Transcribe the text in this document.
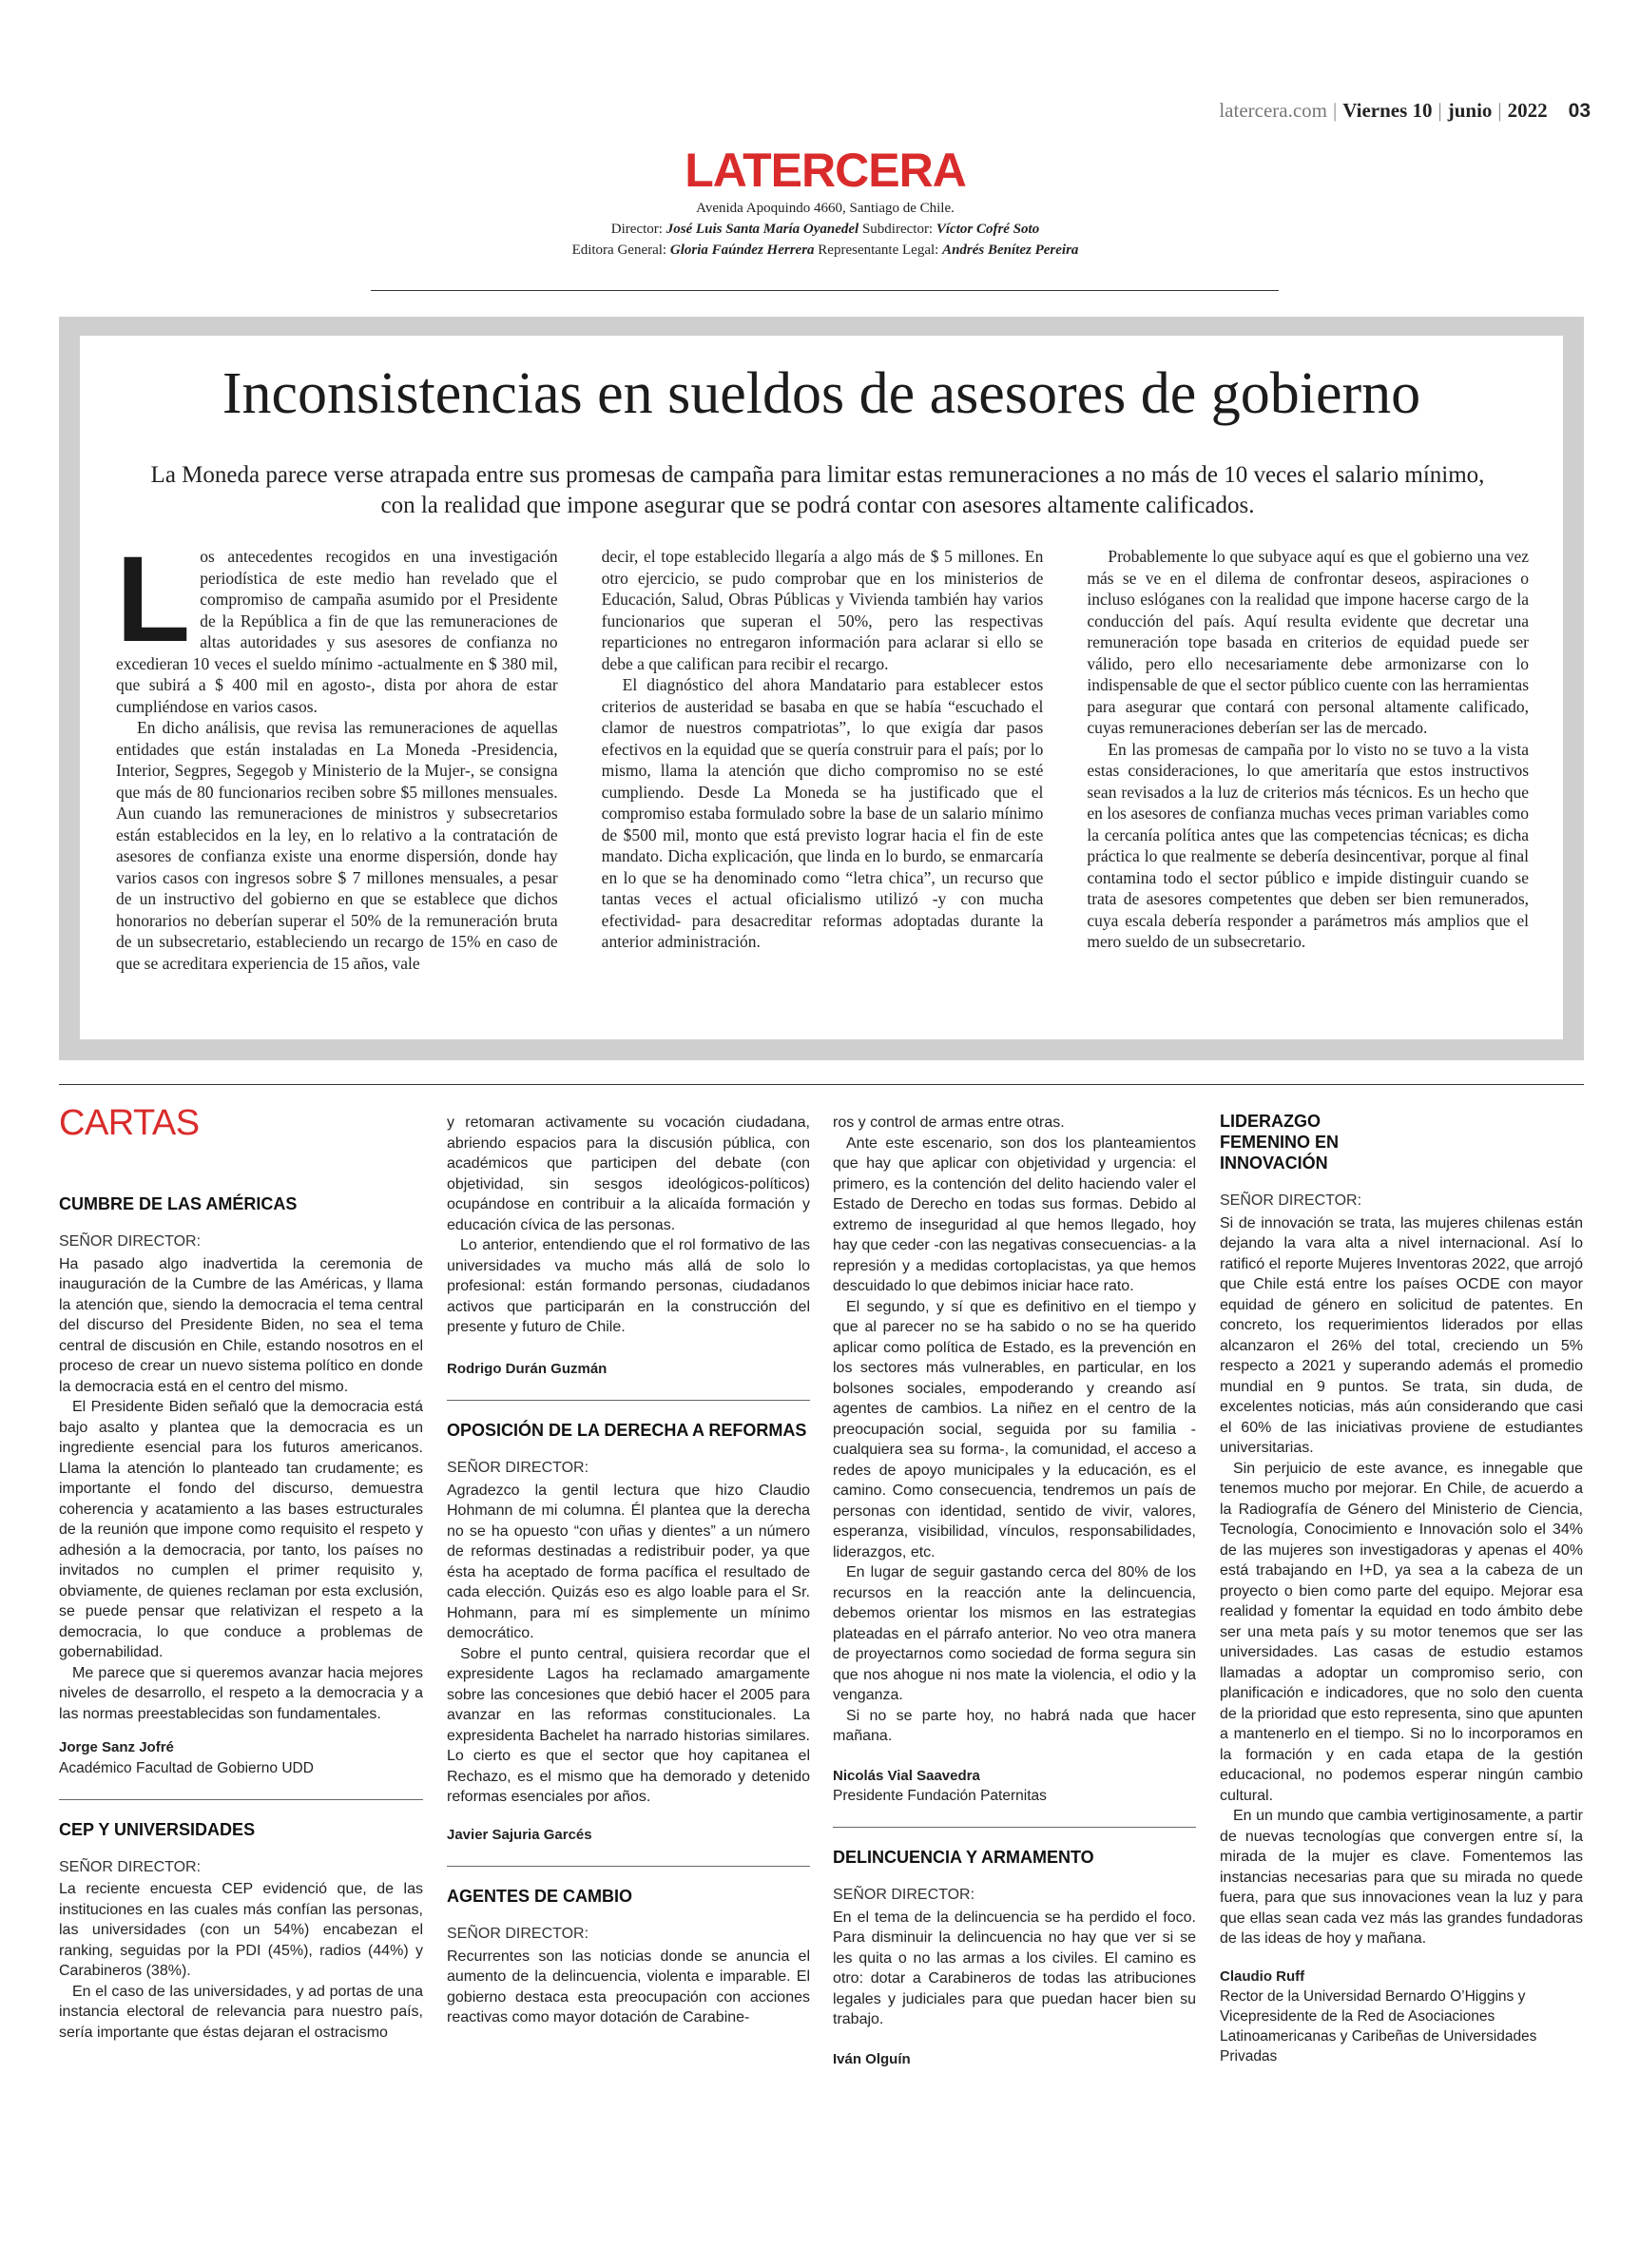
latercera.com | Viernes 10 | junio | 2022 03
LATERCERA
Avenida Apoquindo 4660, Santiago de Chile.
Director: José Luis Santa María Oyanedel Subdirector: Víctor Cofré Soto
Editora General: Gloria Faúndez Herrera Representante Legal: Andrés Benítez Pereira
Inconsistencias en sueldos de asesores de gobierno
La Moneda parece verse atrapada entre sus promesas de campaña para limitar estas remuneraciones a no más de 10 veces el salario mínimo, con la realidad que impone asegurar que se podrá contar con asesores altamente calificados.

Los antecedentes recogidos en una investigación periodística de este medio han revelado que el compromiso de campaña asumido por el Presidente de la República a fin de que las remuneraciones de altas autoridades y sus asesores de confianza no excedieran 10 veces el sueldo mínimo -actualmente en $ 380 mil, que subirá a $ 400 mil en agosto-, dista por ahora de estar cumpliéndose en varios casos.

En dicho análisis, que revisa las remuneraciones de aquellas entidades que están instaladas en La Moneda -Presidencia, Interior, Segpres, Segegob y Ministerio de la Mujer-, se consigna que más de 80 funcionarios reciben sobre $5 millones mensuales. Aun cuando las remuneraciones de ministros y subsecretarios están establecidos en la ley, en lo relativo a la contratación de asesores de confianza existe una enorme dispersión, donde hay varios casos con ingresos sobre $ 7 millones mensuales, a pesar de un instructivo del gobierno en que se establece que dichos honorarios no deberían superar el 50% de la remuneración bruta de un subsecretario, estableciendo un recargo de 15% en caso de que se acreditara experiencia de 15 años, vale

decir, el tope establecido llegaría a algo más de $ 5 millones. En otro ejercicio, se pudo comprobar que en los ministerios de Educación, Salud, Obras Públicas y Vivienda también hay varios funcionarios que superan el 50%, pero las respectivas reparticiones no entregaron información para aclarar si ello se debe a que califican para recibir el recargo.

El diagnóstico del ahora Mandatario para establecer estos criterios de austeridad se basaba en que se había “escuchado el clamor de nuestros compatriotas”, lo que exigía dar pasos efectivos en la equidad que se quería construir para el país; por lo mismo, llama la atención que dicho compromiso no se esté cumpliendo. Desde La Moneda se ha justificado que el compromiso estaba formulado sobre la base de un salario mínimo de $500 mil, monto que está previsto lograr hacia el fin de este mandato. Dicha explicación, que linda en lo burdo, se enmarcaría en lo que se ha denominado como “letra chica”, un recurso que tantas veces el actual oficialismo utilizó -y con mucha efectividad- para desacreditar reformas adoptadas durante la anterior administración.

Probablemente lo que subyace aquí es que el gobierno una vez más se ve en el dilema de confrontar deseos, aspiraciones o incluso eslóganes con la realidad que impone hacerse cargo de la conducción del país. Aquí resulta evidente que decretar una remuneración tope basada en criterios de equidad puede ser válido, pero ello necesariamente debe armonizarse con lo indispensable de que el sector público cuente con las herramientas para asegurar que contará con personal altamente calificado, cuyas remuneraciones deberían ser las de mercado.

En las promesas de campaña por lo visto no se tuvo a la vista estas consideraciones, lo que ameritaría que estos instructivos sean revisados a la luz de criterios más técnicos. Es un hecho que en los asesores de confianza muchas veces priman variables como la cercanía política antes que las competencias técnicas; es dicha práctica lo que realmente se debería desincentivar, porque al final contamina todo el sector público e impide distinguir cuando se trata de asesores competentes que deben ser bien remunerados, cuya escala debería responder a parámetros más amplios que el mero sueldo de un subsecretario.

CARTAS
CUMBRE DE LAS AMÉRICAS
SEÑOR DIRECTOR:

Ha pasado algo inadvertida la ceremonia de inauguración de la Cumbre de las Américas, y llama la atención que, siendo la democracia el tema central del discurso del Presidente Biden, no sea el tema central de discusión en Chile, estando nosotros en el proceso de crear un nuevo sistema político en donde la democracia está en el centro del mismo.

El Presidente Biden señaló que la democracia está bajo asalto y plantea que la democracia es un ingrediente esencial para los futuros americanos. Llama la atención lo planteado tan crudamente; es importante el fondo del discurso, demuestra coherencia y acatamiento a las bases estructurales de la reunión que impone como requisito el respeto y adhesión a la democracia, por tanto, los países no invitados no cumplen el primer requisito y, obviamente, de quienes reclaman por esta exclusión, se puede pensar que relativizan el respeto a la democracia, lo que conduce a problemas de gobernabilidad.

Me parece que si queremos avanzar hacia mejores niveles de desarrollo, el respeto a la democracia y a las normas preestablecidas son fundamentales.

Jorge Sanz Jofré
Académico Facultad de Gobierno UDD
CEP Y UNIVERSIDADES
SEÑOR DIRECTOR:

La reciente encuesta CEP evidenció que, de las instituciones en las cuales más confían las personas, las universidades (con un 54%) encabezan el ranking, seguidas por la PDI (45%), radios (44%) y Carabineros (38%).

En el caso de las universidades, y ad portas de una instancia electoral de relevancia para nuestro país, sería importante que éstas dejaran el ostracismo

y retomaran activamente su vocación ciudadana, abriendo espacios para la discusión pública, con académicos que participen del debate (con objetividad, sin sesgos ideológicos-políticos) ocupándose en contribuir a la alicaída formación y educación cívica de las personas.

Lo anterior, entendiendo que el rol formativo de las universidades va mucho más allá de solo lo profesional: están formando personas, ciudadanos activos que participarán en la construcción del presente y futuro de Chile.

Rodrigo Durán Guzmán
OPOSICIÓN DE LA DERECHA A REFORMAS
SEÑOR DIRECTOR:

Agradezco la gentil lectura que hizo Claudio Hohmann de mi columna. Él plantea que la derecha no se ha opuesto “con uñas y dientes” a un número de reformas destinadas a redistribuir poder, ya que ésta ha aceptado de forma pacífica el resultado de cada elección. Quizás eso es algo loable para el Sr. Hohmann, para mí es simplemente un mínimo democrático.

Sobre el punto central, quisiera recordar que el expresidente Lagos ha reclamado amargamente sobre las concesiones que debió hacer el 2005 para avanzar en las reformas constitucionales. La expresidenta Bachelet ha narrado historias similares. Lo cierto es que el sector que hoy capitanea el Rechazo, es el mismo que ha demorado y detenido reformas esenciales por años.

Javier Sajuria Garcés
AGENTES DE CAMBIO
SEÑOR DIRECTOR:

Recurrentes son las noticias donde se anuncia el aumento de la delincuencia, violenta e imparable. El gobierno destaca esta preocupación con acciones reactivas como mayor dotación de Carabine-

ros y control de armas entre otras.

Ante este escenario, son dos los planteamientos que hay que aplicar con objetividad y urgencia: el primero, es la contención del delito haciendo valer el Estado de Derecho en todas sus formas. Debido al extremo de inseguridad al que hemos llegado, hoy hay que ceder -con las negativas consecuencias- a la represión y a medidas cortoplacistas, ya que hemos descuidado lo que debimos iniciar hace rato.

El segundo, y sí que es definitivo en el tiempo y que al parecer no se ha sabido o no se ha querido aplicar como política de Estado, es la prevención en los sectores más vulnerables, en particular, en los bolsones sociales, empoderando y creando así agentes de cambios. La niñez en el centro de la preocupación social, seguida por su familia -cualquiera sea su forma-, la comunidad, el acceso a redes de apoyo municipales y la educación, es el camino. Como consecuencia, tendremos un país de personas con identidad, sentido de vivir, valores, esperanza, visibilidad, vínculos, responsabilidades, liderazgos, etc.

En lugar de seguir gastando cerca del 80% de los recursos en la reacción ante la delincuencia, debemos orientar los mismos en las estrategias plateadas en el párrafo anterior. No veo otra manera de proyectarnos como sociedad de forma segura sin que nos ahogue ni nos mate la violencia, el odio y la venganza.

Si no se parte hoy, no habrá nada que hacer mañana.

Nicolás Vial Saavedra
Presidente Fundación Paternitas
DELINCUENCIA Y ARMAMENTO
SEÑOR DIRECTOR:

En el tema de la delincuencia se ha perdido el foco. Para disminuir la delincuencia no hay que ver si se les quita o no las armas a los civiles. El camino es otro: dotar a Carabineros de todas las atribuciones legales y judiciales para que puedan hacer bien su trabajo.

Iván Olguín
LIDERAZGO FEMENINO EN INNOVACIÓN
SEÑOR DIRECTOR:

Si de innovación se trata, las mujeres chilenas están dejando la vara alta a nivel internacional. Así lo ratificó el reporte Mujeres Inventoras 2022, que arrojó que Chile está entre los países OCDE con mayor equidad de género en solicitud de patentes. En concreto, los requerimientos liderados por ellas alcanzaron el 26% del total, creciendo un 5% respecto a 2021 y superando además el promedio mundial en 9 puntos. Se trata, sin duda, de excelentes noticias, más aún considerando que casi el 60% de las iniciativas proviene de estudiantes universitarias.

Sin perjuicio de este avance, es innegable que tenemos mucho por mejorar. En Chile, de acuerdo a la Radiografía de Género del Ministerio de Ciencia, Tecnología, Conocimiento e Innovación solo el 34% de las mujeres son investigadoras y apenas el 40% está trabajando en I+D, ya sea a la cabeza de un proyecto o bien como parte del equipo. Mejorar esa realidad y fomentar la equidad en todo ámbito debe ser una meta país y su motor tenemos que ser las universidades. Las casas de estudio estamos llamadas a adoptar un compromiso serio, con planificación e indicadores, que no solo den cuenta de la prioridad que esto representa, sino que apunten a mantenerlo en el tiempo. Si no lo incorporamos en la formación y en cada etapa de la gestión educacional, no podemos esperar ningún cambio cultural.

En un mundo que cambia vertiginosamente, a partir de nuevas tecnologías que convergen entre sí, la mirada de la mujer es clave. Fomentemos las instancias necesarias para que su mirada no quede fuera, para que sus innovaciones vean la luz y para que ellas sean cada vez más las grandes fundadoras de las ideas de hoy y mañana.

Claudio Ruff
Rector de la Universidad Bernardo O’Higgins y Vicepresidente de la Red de Asociaciones Latinoamericanas y Caribeñas de Universidades Privadas
